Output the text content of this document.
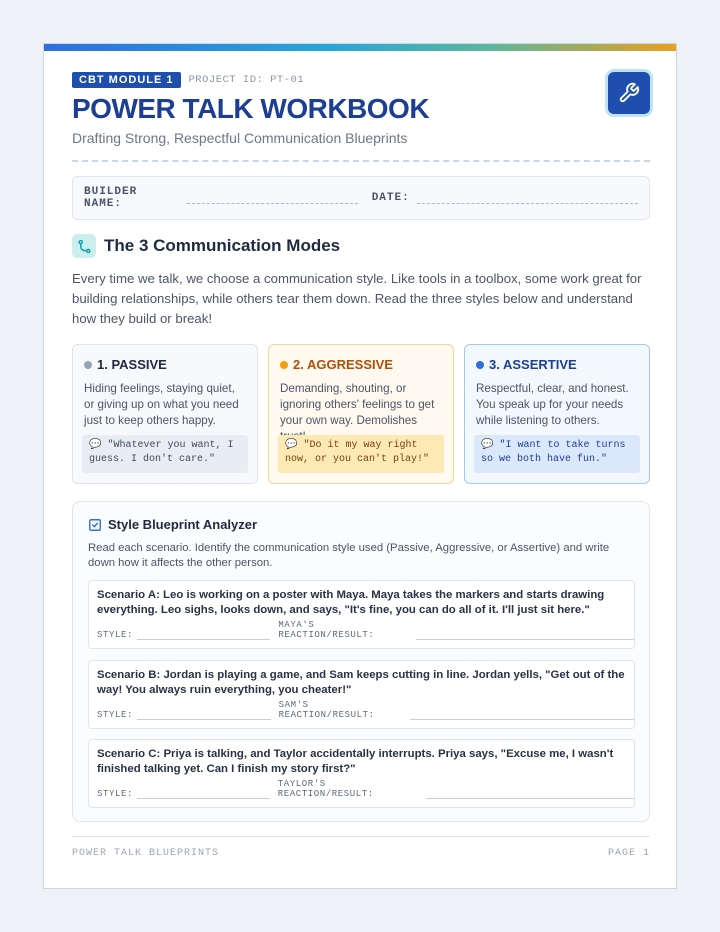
CBT MODULE 1	PROJECT ID: PT-01
POWER TALK WORKBOOK
Drafting Strong, Respectful Communication Blueprints
BUILDER NAME:	DATE:
The 3 Communication Modes

Every time we talk, we choose a communication style. Like tools in a toolbox, some work great for building relationships, while others tear them down. Read the three styles below and understand how they build or break!

1. PASSIVE

Hiding feelings, staying quiet, or giving up on what you need just to keep others happy.

💬 "Whatever you want, I guess. I don't care."
2. AGGRESSIVE

Demanding, shouting, or ignoring others' feelings to get your own way. Demolishes

💬 "Do it my way right now, or you can't play!"
3. ASSERTIVE

Respectful, clear, and honest. You speak up for your needs while listening to others.

💬 "I want to take turns so we both have fun."
Style Blueprint Analyzer

Read each scenario. Identify the communication style used (Passive, Aggressive, or Assertive) and write down how it affects the other person.

Scenario A: Leo is working on a poster with Maya. Maya takes the markers and starts drawing everything. Leo sighs, looks down, and says, "It's fine, you can do all of it. I'll just sit here."

STYLE:
MAYA'S REACTION/RESULT:

Scenario B: Jordan is playing a game, and Sam keeps cutting in line. Jordan yells, "Get out of the way! You always ruin everything, you cheater!"

STYLE:
SAM'S REACTION/RESULT:

Scenario C: Priya is talking, and Taylor accidentally interrupts. Priya says, "Excuse me, I wasn't finished talking yet. Can I finish my story first?"

STYLE:
TAYLOR'S REACTION/RESULT:
POWER TALK BLUEPRINTS	PAGE 1
